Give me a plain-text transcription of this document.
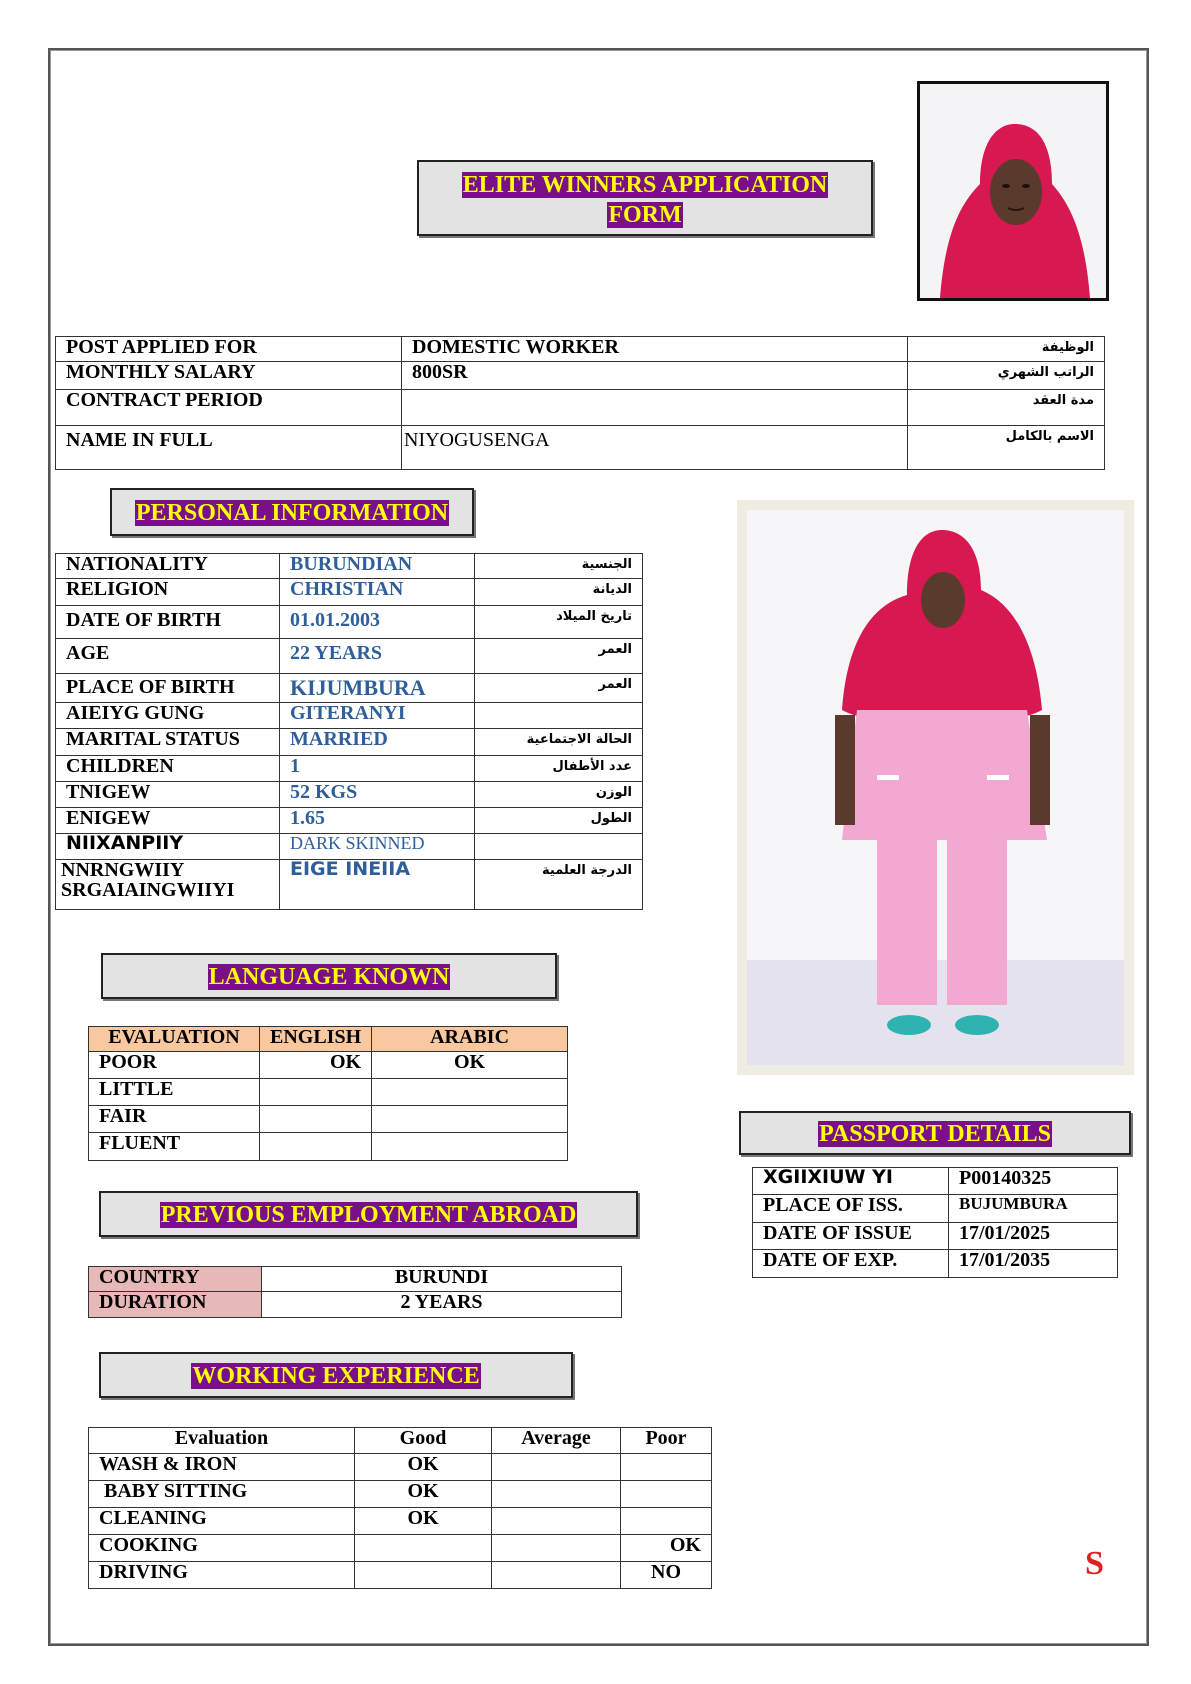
ELITE WINNERS APPLICATION
FORM
POST APPLIED FOR	DOMESTIC WORKER	الوظيفة
MONTHLY SALARY	800SR	الراتب الشهري
CONTRACT PERIOD		مدة العقد
NAME IN FULL	NIYOGUSENGA	الاسم بالكامل
PERSONAL INFORMATION
NATIONALITY	BURUNDIAN	الجنسية
RELIGION	CHRISTIAN	الديانة
DATE OF BIRTH	01.01.2003	تاريخ الميلاد
AGE	22 YEARS	العمر
PLACE OF BIRTH	KIJUMBURA	العمر
AIEIYG GUNG	GITERANYI	
MARITAL STATUS	MARRIED	الحالة الاجتماعية
CHILDREN	1	عدد الأطفال
TNIGEW	52 KGS	الوزن
ENIGEW	1.65	الطول
NIIXANPIIY	DARK SKINNED	
NNRNGWIIY SRGAIAINGWIIYI	EIGE INEIIA	الدرجة العلمية
LANGUAGE KNOWN
EVALUATION	ENGLISH	ARABIC
POOR	OK	OK
LITTLE		
FAIR		
FLUENT			PASSPORT DETAILS
XGIIXIUW YI	P00140325
PLACE OF ISS.	BUJUMBURA
DATE OF ISSUE	17/01/2025
DATE OF EXP.	17/01/2035
PREVIOUS EMPLOYMENT ABROAD
COUNTRY	BURUNDI
DURATION	2 YEARS
WORKING EXPERIENCE
Evaluation	Good	Average	Poor
WASH & IRON	OK		
BABY SITTING	OK		
CLEANING	OK		
COOKING			OK
DRIVING			NO	S
